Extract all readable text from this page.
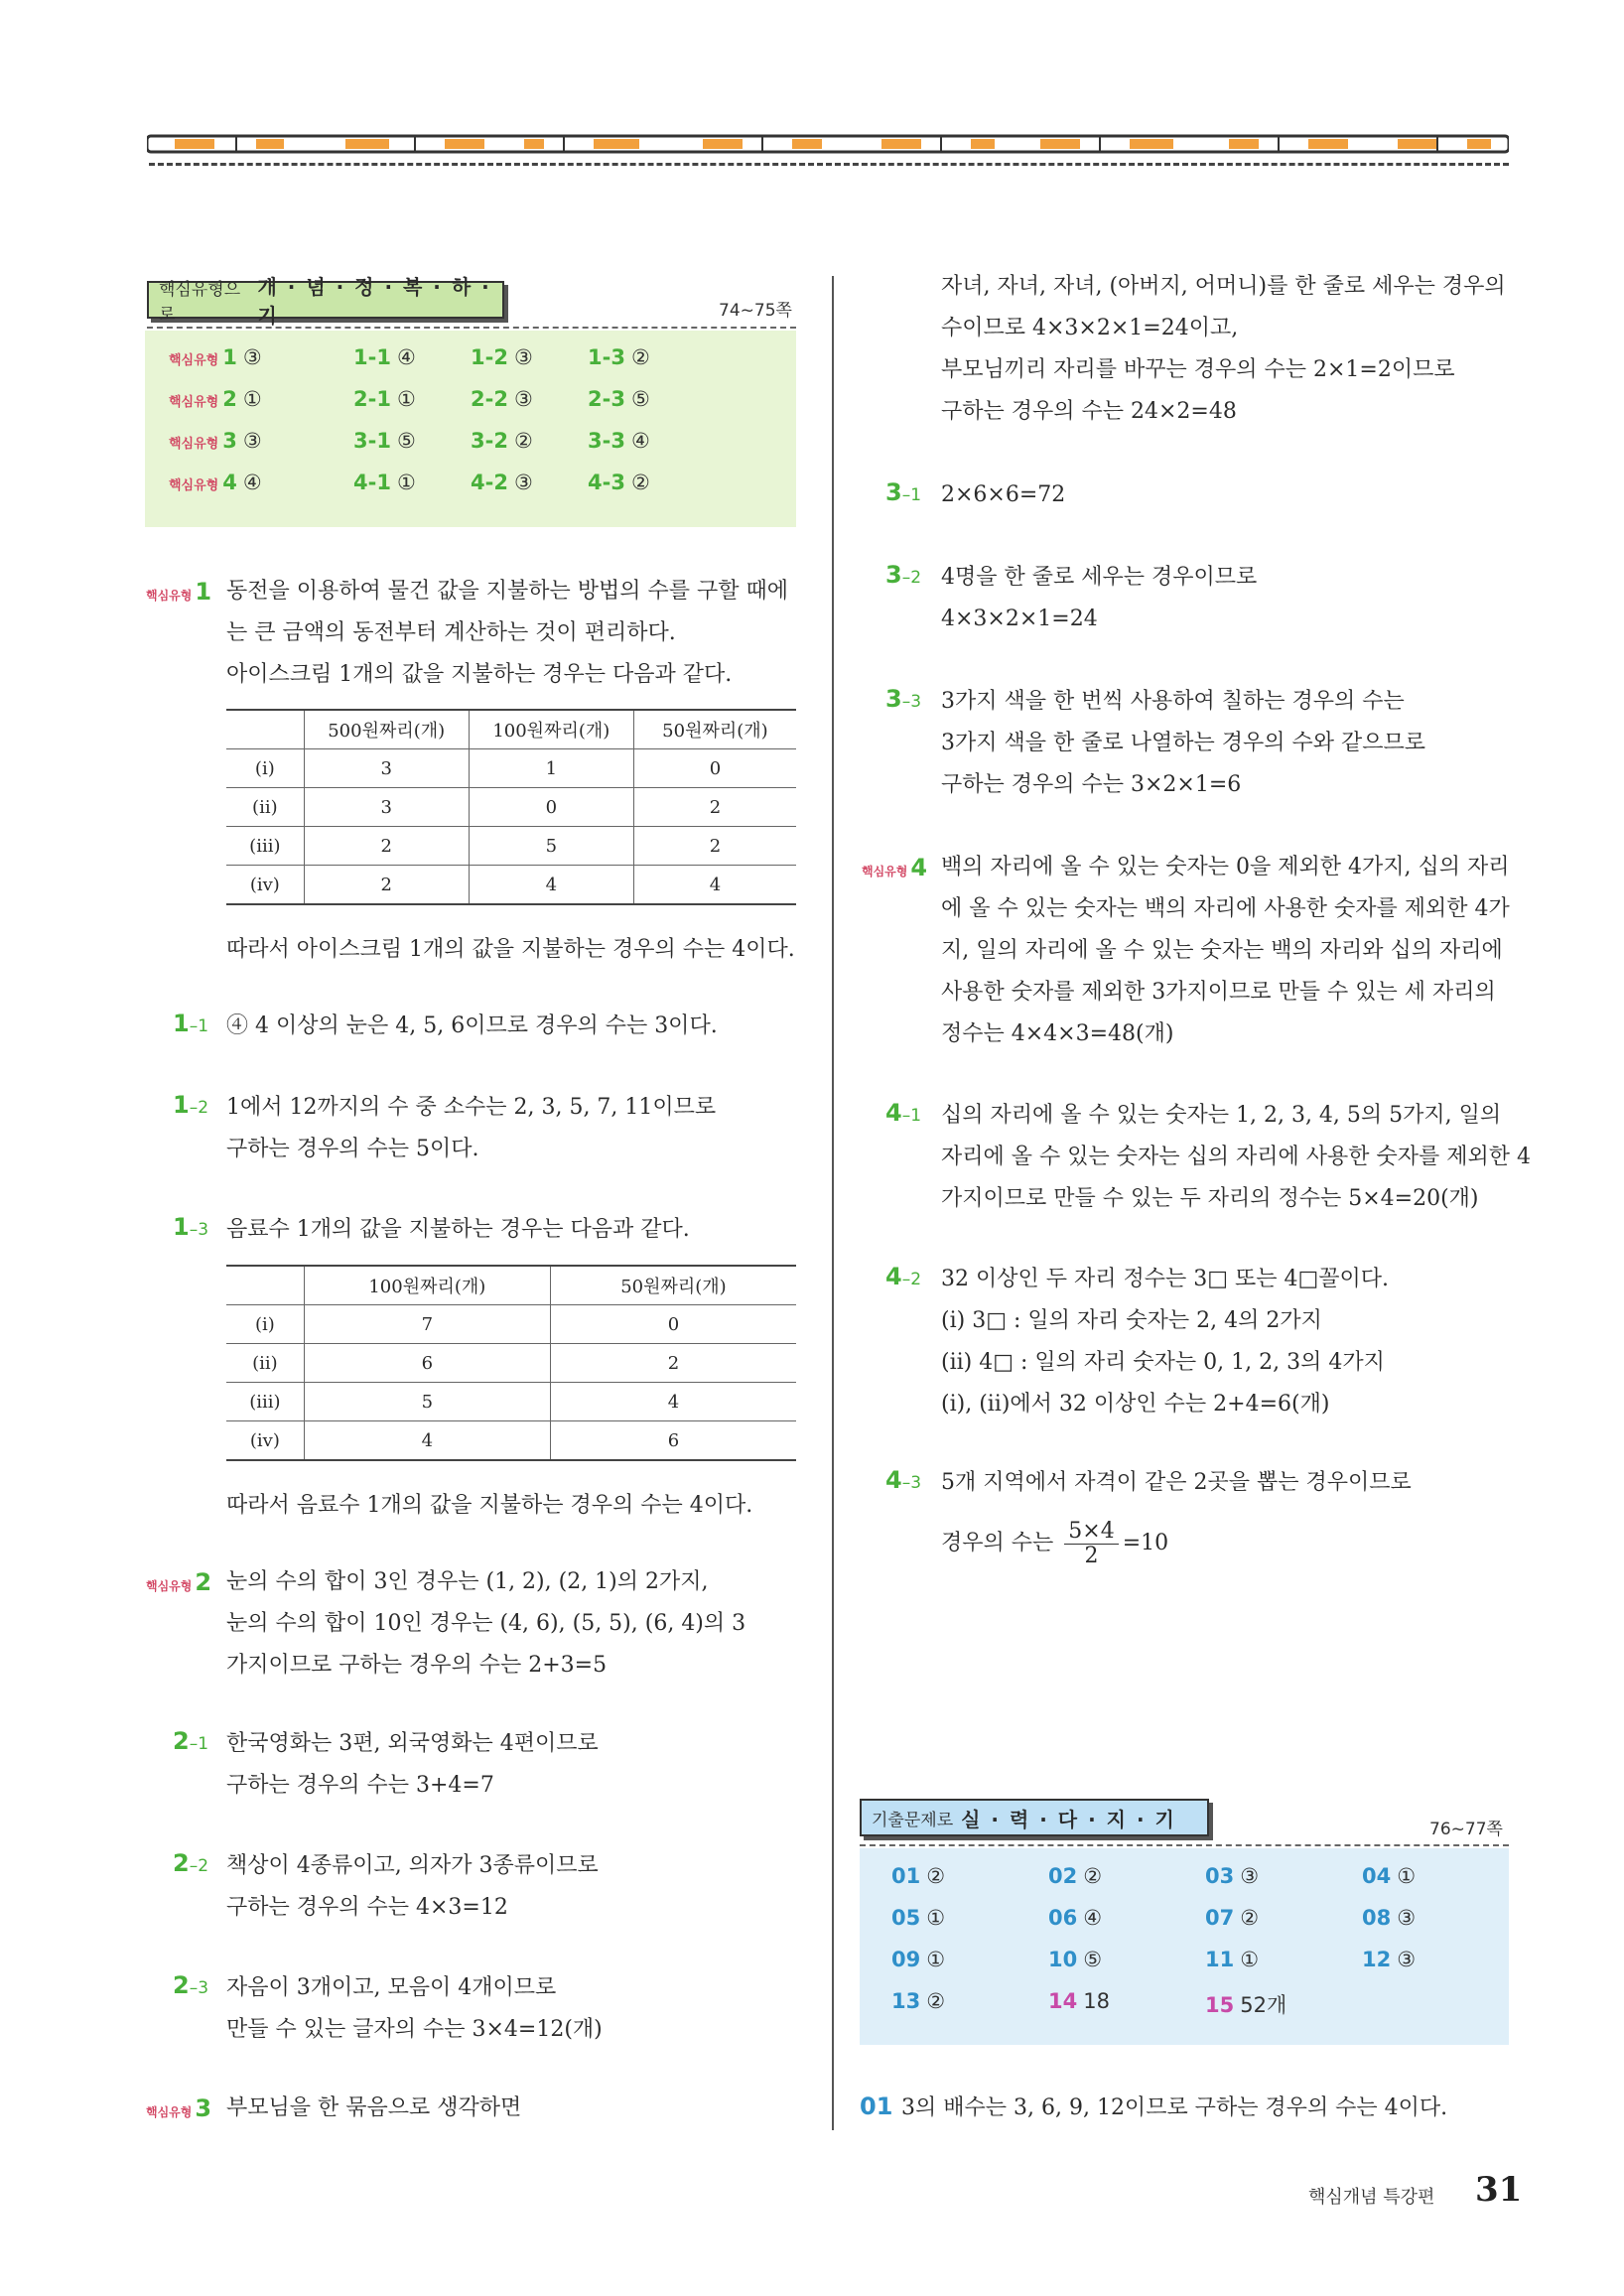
핵심유형으로
개 · 념 · 정 · 복 · 하 · 기	74~75쪽
핵심유형 1 ③	1-1 ④	1-2 ③	1-3 ②
핵심유형 2 ①	2-1 ①	2-2 ③	2-3 ⑤
핵심유형 3 ③	3-1 ⑤	3-2 ②	3-3 ④
핵심유형 4 ④	4-1 ①	4-2 ③	4-3 ②
핵심유형 1 동전을 이용하여 물건 값을 지불하는 방법의 수를 구할 때에
는 큰 금액의 동전부터 계산하는 것이 편리하다.
아이스크림 1개의 값을 지불하는 경우는 다음과 같다.
	500원짜리(개)	100원짜리(개)	50원짜리(개)
(ⅰ)	3	1	0
(ⅱ)	3	0	2
(ⅲ)	2	5	2
(ⅳ)	2	4	4
따라서 아이스크림 1개의 값을 지불하는 경우의 수는 4이다.
1–1 ④ 4 이상의 눈은 4, 5, 6이므로 경우의 수는 3이다.
1–2 1에서 12까지의 수 중 소수는 2, 3, 5, 7, 11이므로
구하는 경우의 수는 5이다.
1–3 음료수 1개의 값을 지불하는 경우는 다음과 같다.
	100원짜리(개)	50원짜리(개)
(ⅰ)	7	0
(ⅱ)	6	2
(ⅲ)	5	4
(ⅳ)	4	6
따라서 음료수 1개의 값을 지불하는 경우의 수는 4이다.
핵심유형 2 눈의 수의 합이 3인 경우는 (1, 2), (2, 1)의 2가지,
눈의 수의 합이 10인 경우는 (4, 6), (5, 5), (6, 4)의 3
가지이므로 구하는 경우의 수는 2+3=5
2–1 한국영화는 3편, 외국영화는 4편이므로
구하는 경우의 수는 3+4=7
2–2 책상이 4종류이고, 의자가 3종류이므로
구하는 경우의 수는 4×3=12
2–3 자음이 3개이고, 모음이 4개이므로
만들 수 있는 글자의 수는 3×4=12(개)
핵심유형 3 부모님을 한 묶음으로 생각하면
자녀, 자녀, 자녀, (아버지, 어머니)를 한 줄로 세우는 경우의
수이므로 4×3×2×1=24이고,
부모님끼리 자리를 바꾸는 경우의 수는 2×1=2이므로
구하는 경우의 수는 24×2=48
3–1 2×6×6=72
3–2 4명을 한 줄로 세우는 경우이므로
4×3×2×1=24
3–3 3가지 색을 한 번씩 사용하여 칠하는 경우의 수는
3가지 색을 한 줄로 나열하는 경우의 수와 같으므로
구하는 경우의 수는 3×2×1=6
핵심유형 4 백의 자리에 올 수 있는 숫자는 0을 제외한 4가지, 십의 자리
에 올 수 있는 숫자는 백의 자리에 사용한 숫자를 제외한 4가
지, 일의 자리에 올 수 있는 숫자는 백의 자리와 십의 자리에
사용한 숫자를 제외한 3가지이므로 만들 수 있는 세 자리의
정수는 4×4×3=48(개)
4–1 십의 자리에 올 수 있는 숫자는 1, 2, 3, 4, 5의 5가지, 일의
자리에 올 수 있는 숫자는 십의 자리에 사용한 숫자를 제외한 4
가지이므로 만들 수 있는 두 자리의 정수는 5×4=20(개)
4–2 32 이상인 두 자리 정수는 3□ 또는 4□꼴이다.
(ⅰ) 3□ : 일의 자리 숫자는 2, 4의 2가지
(ⅱ) 4□ : 일의 자리 숫자는 0, 1, 2, 3의 4가지
(ⅰ), (ⅱ)에서 32 이상인 수는 2+4=6(개)
4–3 5개 지역에서 자격이 같은 2곳을 뽑는 경우이므로
경우의 수는 $\frac{5\times 4}{2} =10$
기출문제로 실 · 력 · 다 · 지 · 기	76~77쪽
01 ②	02 ②	03 ③	04 ①
05 ①	06 ④	07 ②	08 ③
09 ①	10 ⑤	11 ①	12 ③
13 ②	14 18	15 52개
01 3의 배수는 3, 6, 9, 12이므로 구하는 경우의 수는 4이다.
핵심개념 특강편 31
